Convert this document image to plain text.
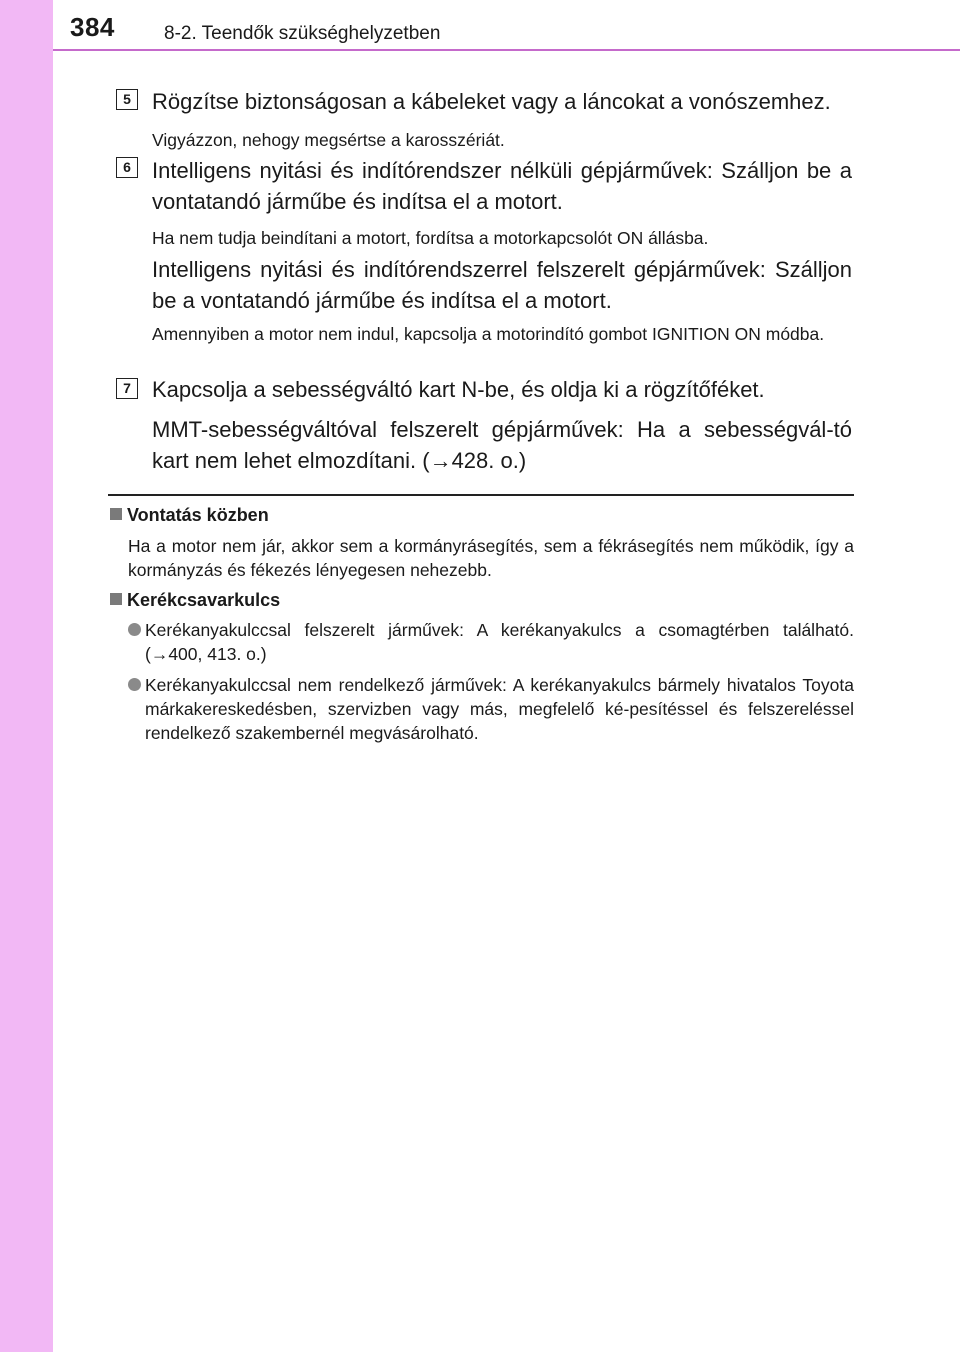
384	8-2. Teendők szükséghelyzetben
5 Rögzítse biztonságosan a kábeleket vagy a láncokat a vonószemhez.
Vigyázzon, nehogy megsértse a karosszériát.
6 Intelligens nyitási és indítórendszer nélküli gépjárművek: Szálljon be a vontatandó járműbe és indítsa el a motort.
Ha nem tudja beindítani a motort, fordítsa a motorkapcsolót ON állásba.
Intelligens nyitási és indítórendszerrel felszerelt gépjárművek: Szálljon be a vontatandó járműbe és indítsa el a motort.
Amennyiben a motor nem indul, kapcsolja a motorindító gombot IGNITION ON módba.
7 Kapcsolja a sebességváltó kart N-be, és oldja ki a rögzítőféket.
MMT-sebességváltóval felszerelt gépjárművek: Ha a sebességvál-tó kart nem lehet elmozdítani. (→428. o.)
Vontatás közben
Ha a motor nem jár, akkor sem a kormányrásegítés, sem a fékrásegítés nem működik, így a kormányzás és fékezés lényegesen nehezebb.
Kerékcsavarkulcs
Kerékanyakulccsal felszerelt járművek: A kerékanyakulcs a csomagtérben található. (→400, 413. o.)
Kerékanyakulccsal nem rendelkező járművek: A kerékanyakulcs bármely hivatalos Toyota márkakereskedésben, szervizben vagy más, megfelelő ké-pesítéssel és felszereléssel rendelkező szakembernél megvásárolható.
